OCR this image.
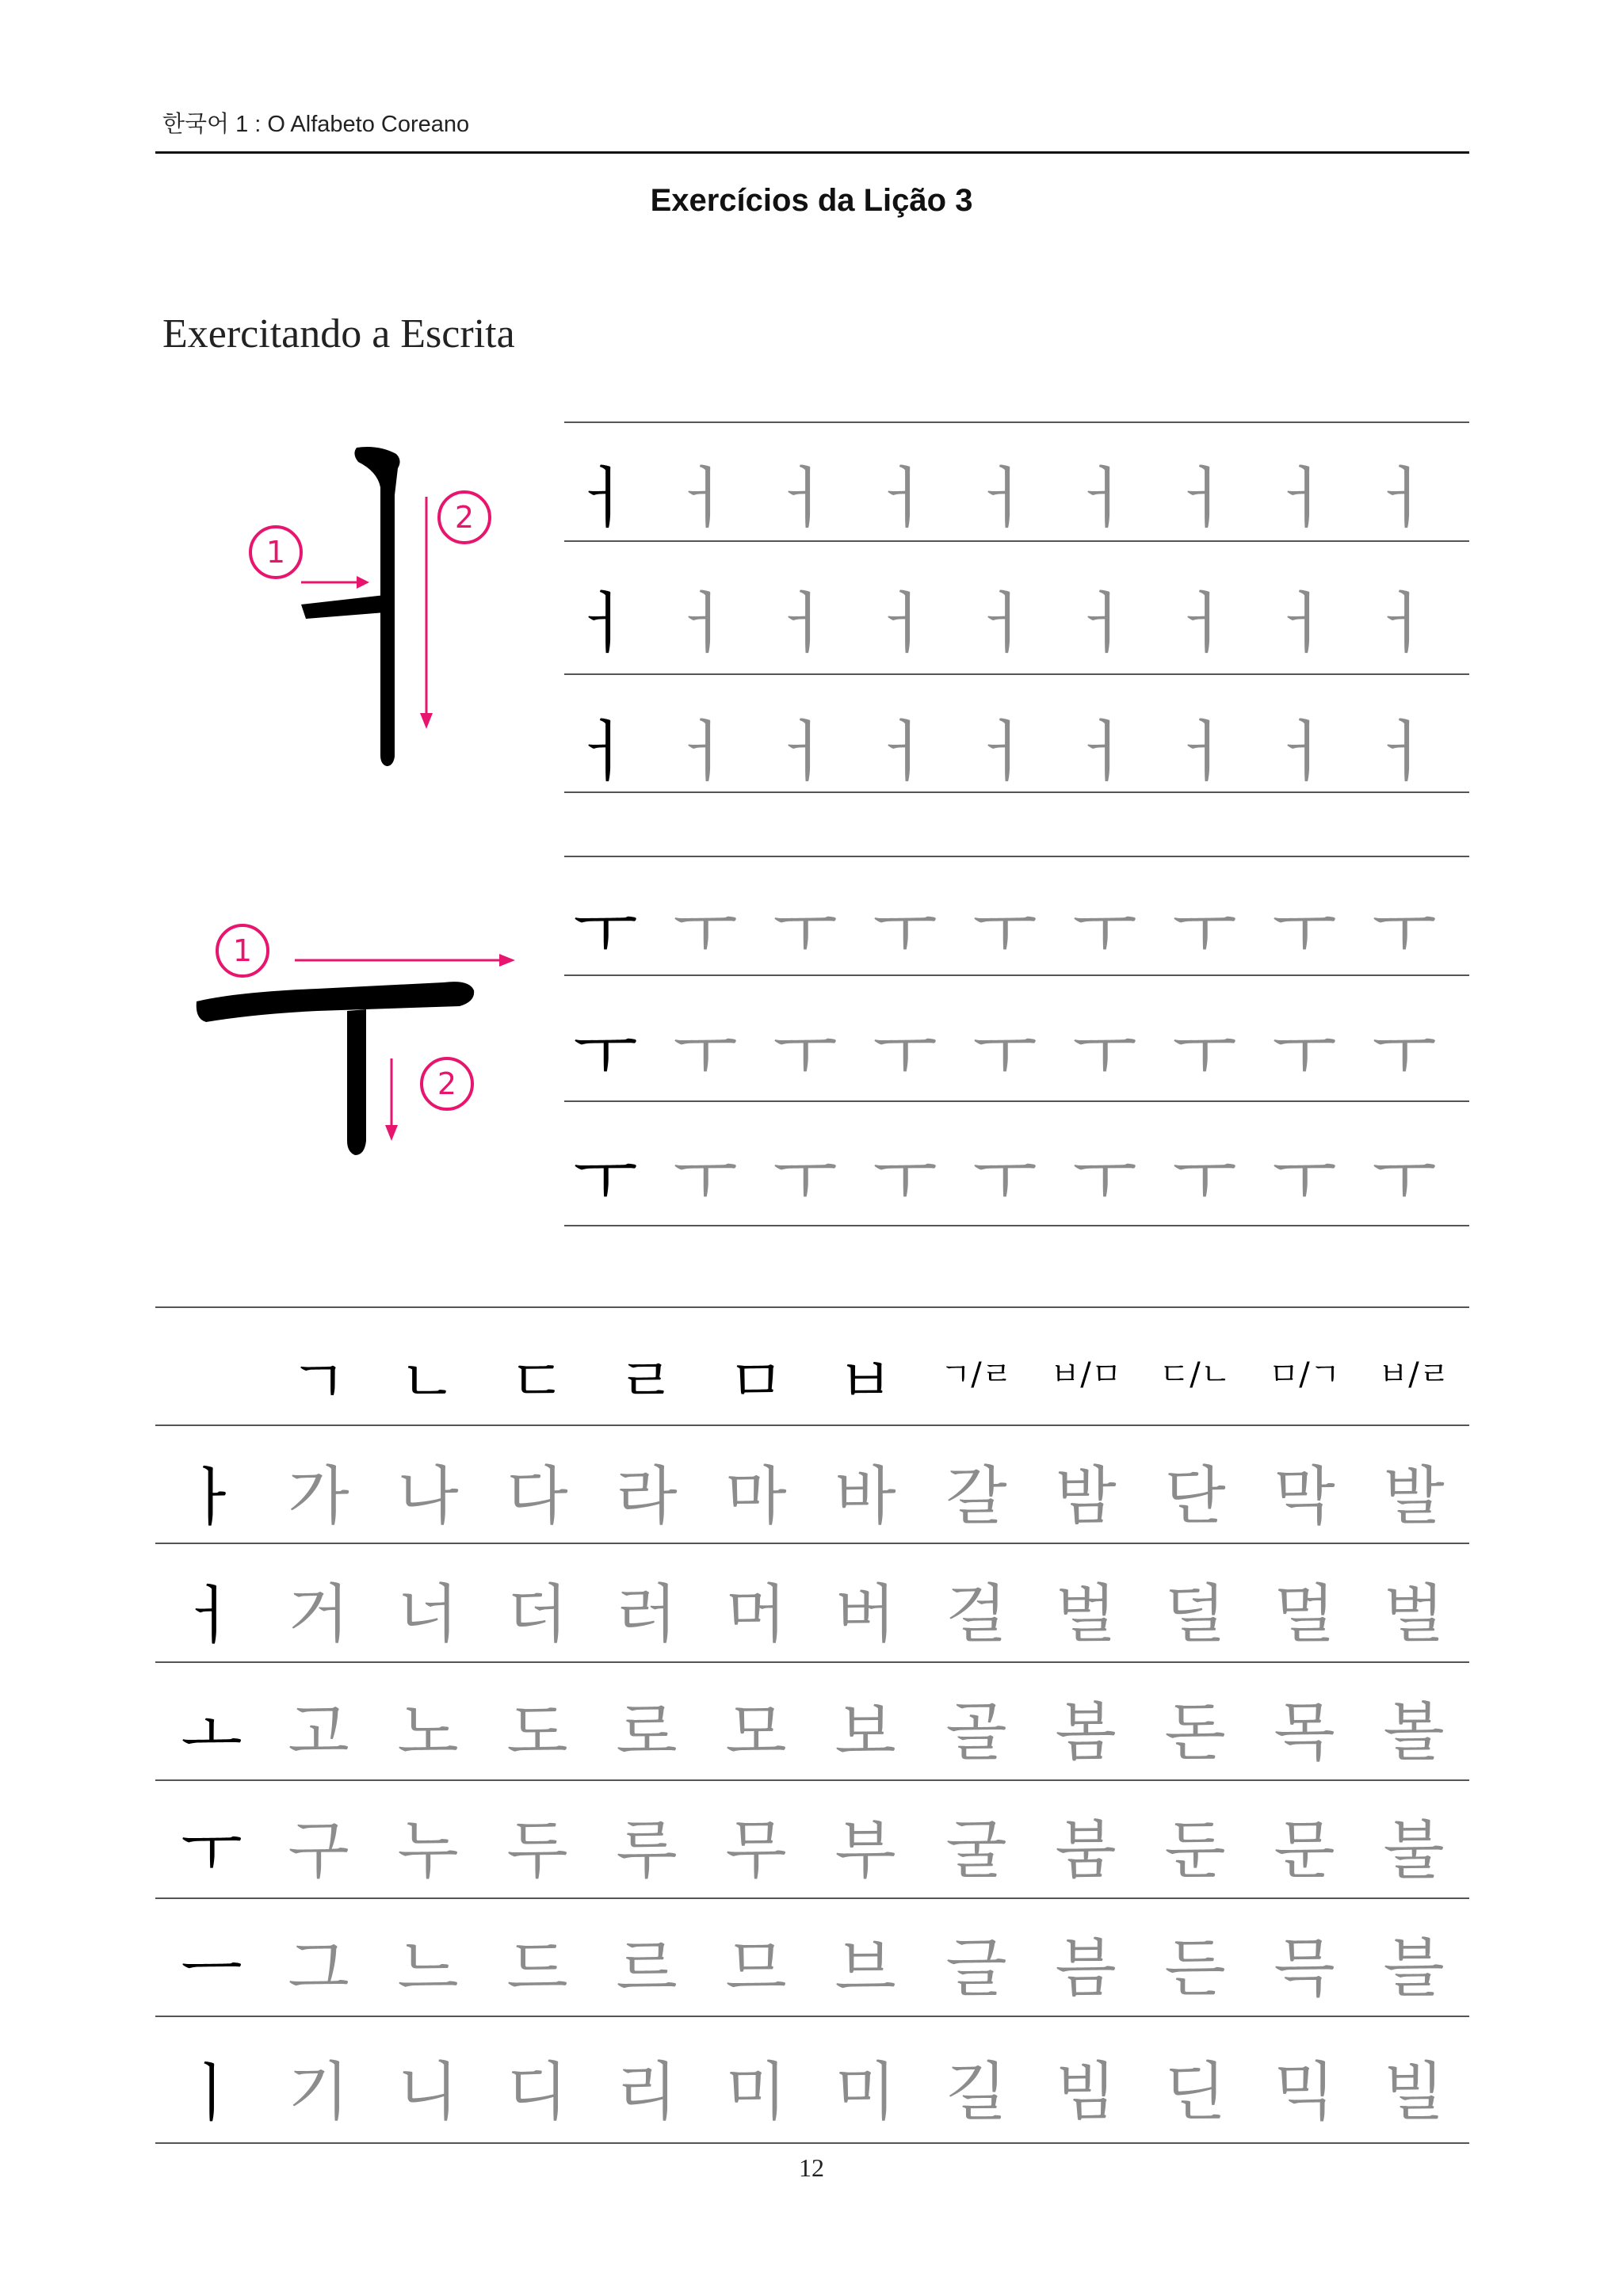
한국어 1 : O Alfabeto Coreano
Exercícios da Lição 3
Exercitando a Escrita
1
2
1
2
ㅓ ㅓ ㅓ ㅓ ㅓ ㅓ ㅓ ㅓ ㅓ
ㅓ ㅓ ㅓ ㅓ ㅓ ㅓ ㅓ ㅓ ㅓ
ㅓ ㅓ ㅓ ㅓ ㅓ ㅓ ㅓ ㅓ ㅓ
ㅜ ㅜ ㅜ ㅜ ㅜ ㅜ ㅜ ㅜ ㅜ
ㅜ ㅜ ㅜ ㅜ ㅜ ㅜ ㅜ ㅜ ㅜ
ㅜ ㅜ ㅜ ㅜ ㅜ ㅜ ㅜ ㅜ ㅜ
ㄱ ㄴ ㄷ ㄹ ㅁ ㅂ	ㄱ/ㄹ	ㅂ/ㅁ	ㄷ/ㄴ	ㅁ/ㄱ	ㅂ/ㄹ
ㅏ 가 나 다 라 마 바 갈 밤 단 막 발
ㅓ 거 너 더 러 머 버 걸 벌 덜 멀 벌
ㅗ 고 노 도 로 모 보 골 봄 돈 목 볼
ㅜ 구 누 두 루 무 부 굴 붐 둔 문 불
ㅡ 그 느 드 르 므 브 글 븜 든 믁 블
ㅣ 기 니 디 리 미 미 길 빔 딘 믹 빌
12
